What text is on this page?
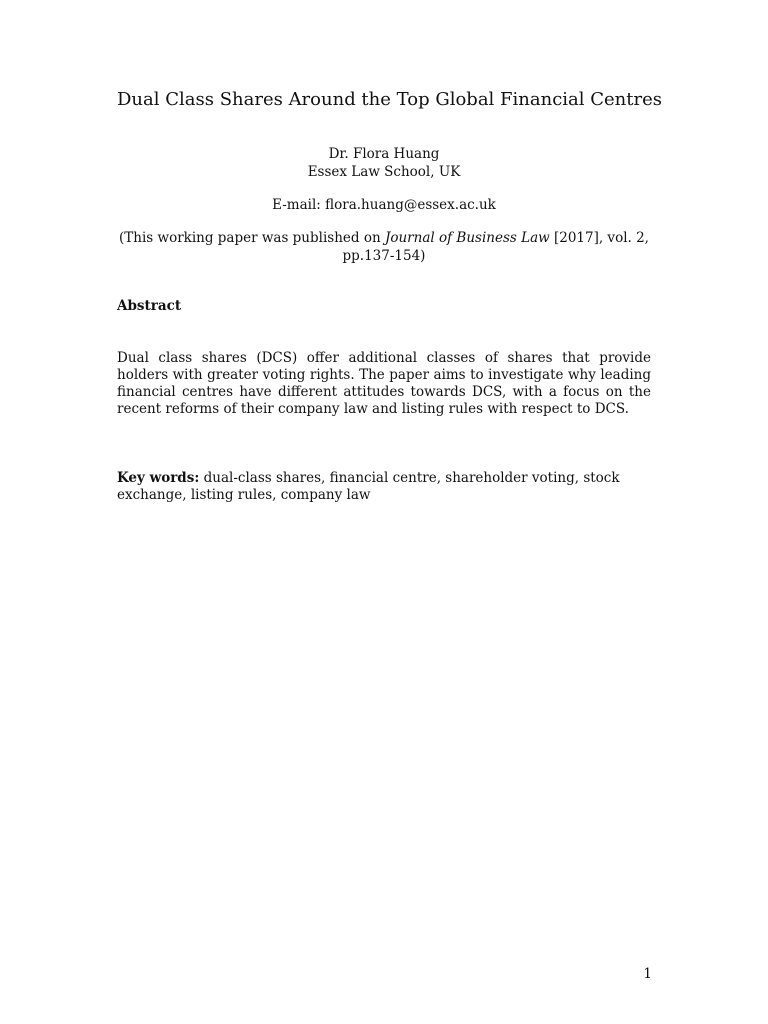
Dual Class Shares Around the Top Global Financial Centres
Dr. Flora Huang
Essex Law School, UK
E-mail: flora.huang@essex.ac.uk
(This working paper was published on Journal of Business Law [2017], vol. 2, pp.137-154)
Abstract
Dual class shares (DCS) offer additional classes of shares that provide holders with greater voting rights. The paper aims to investigate why leading financial centres have different attitudes towards DCS, with a focus on the recent reforms of their company law and listing rules with respect to DCS.
Key words: dual-class shares, financial centre, shareholder voting, stock exchange, listing rules, company law
1
